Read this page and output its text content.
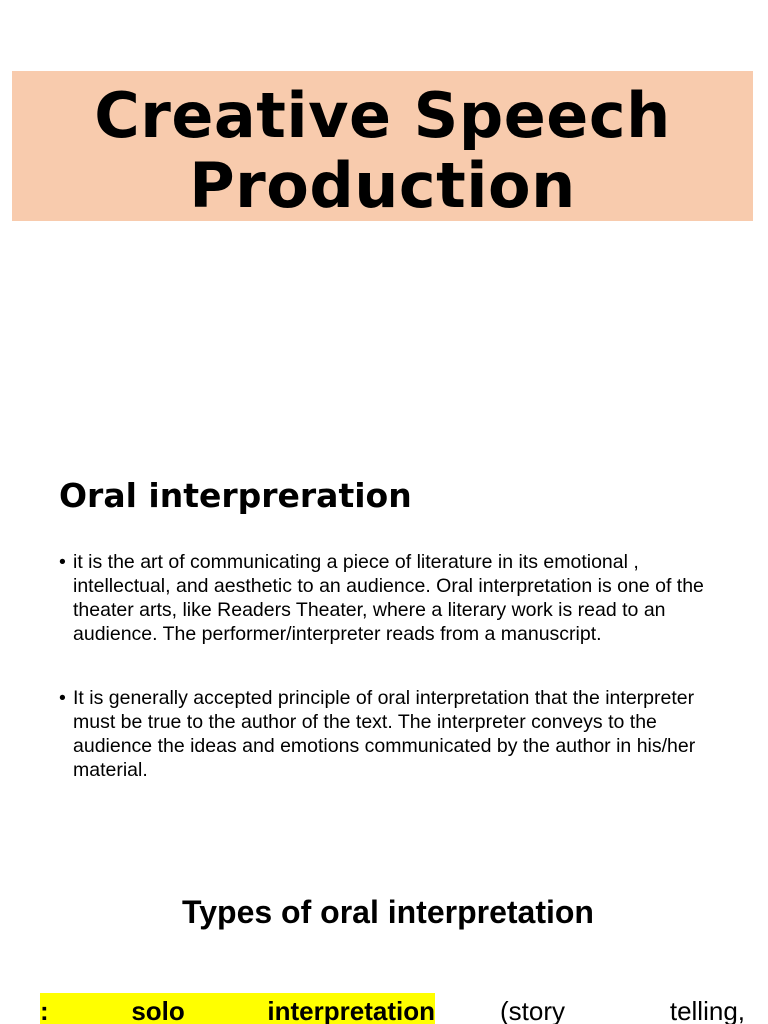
Creative Speech
Production
Oral interpreration
• it is the art of communicating a piece of literature in its emotional , intellectual, and aesthetic to an audience. Oral interpretation is one of the theater arts, like Readers Theater, where a literary work is read to an audience. The performer/interpreter reads from a manuscript.
• It is generally accepted principle of oral interpretation that the interpreter must be true to the author of the text. The interpreter conveys to the audience the ideas and emotions communicated by the author in his/her material.
Types of oral interpretation
:	solo	interpretation	(story	telling,
